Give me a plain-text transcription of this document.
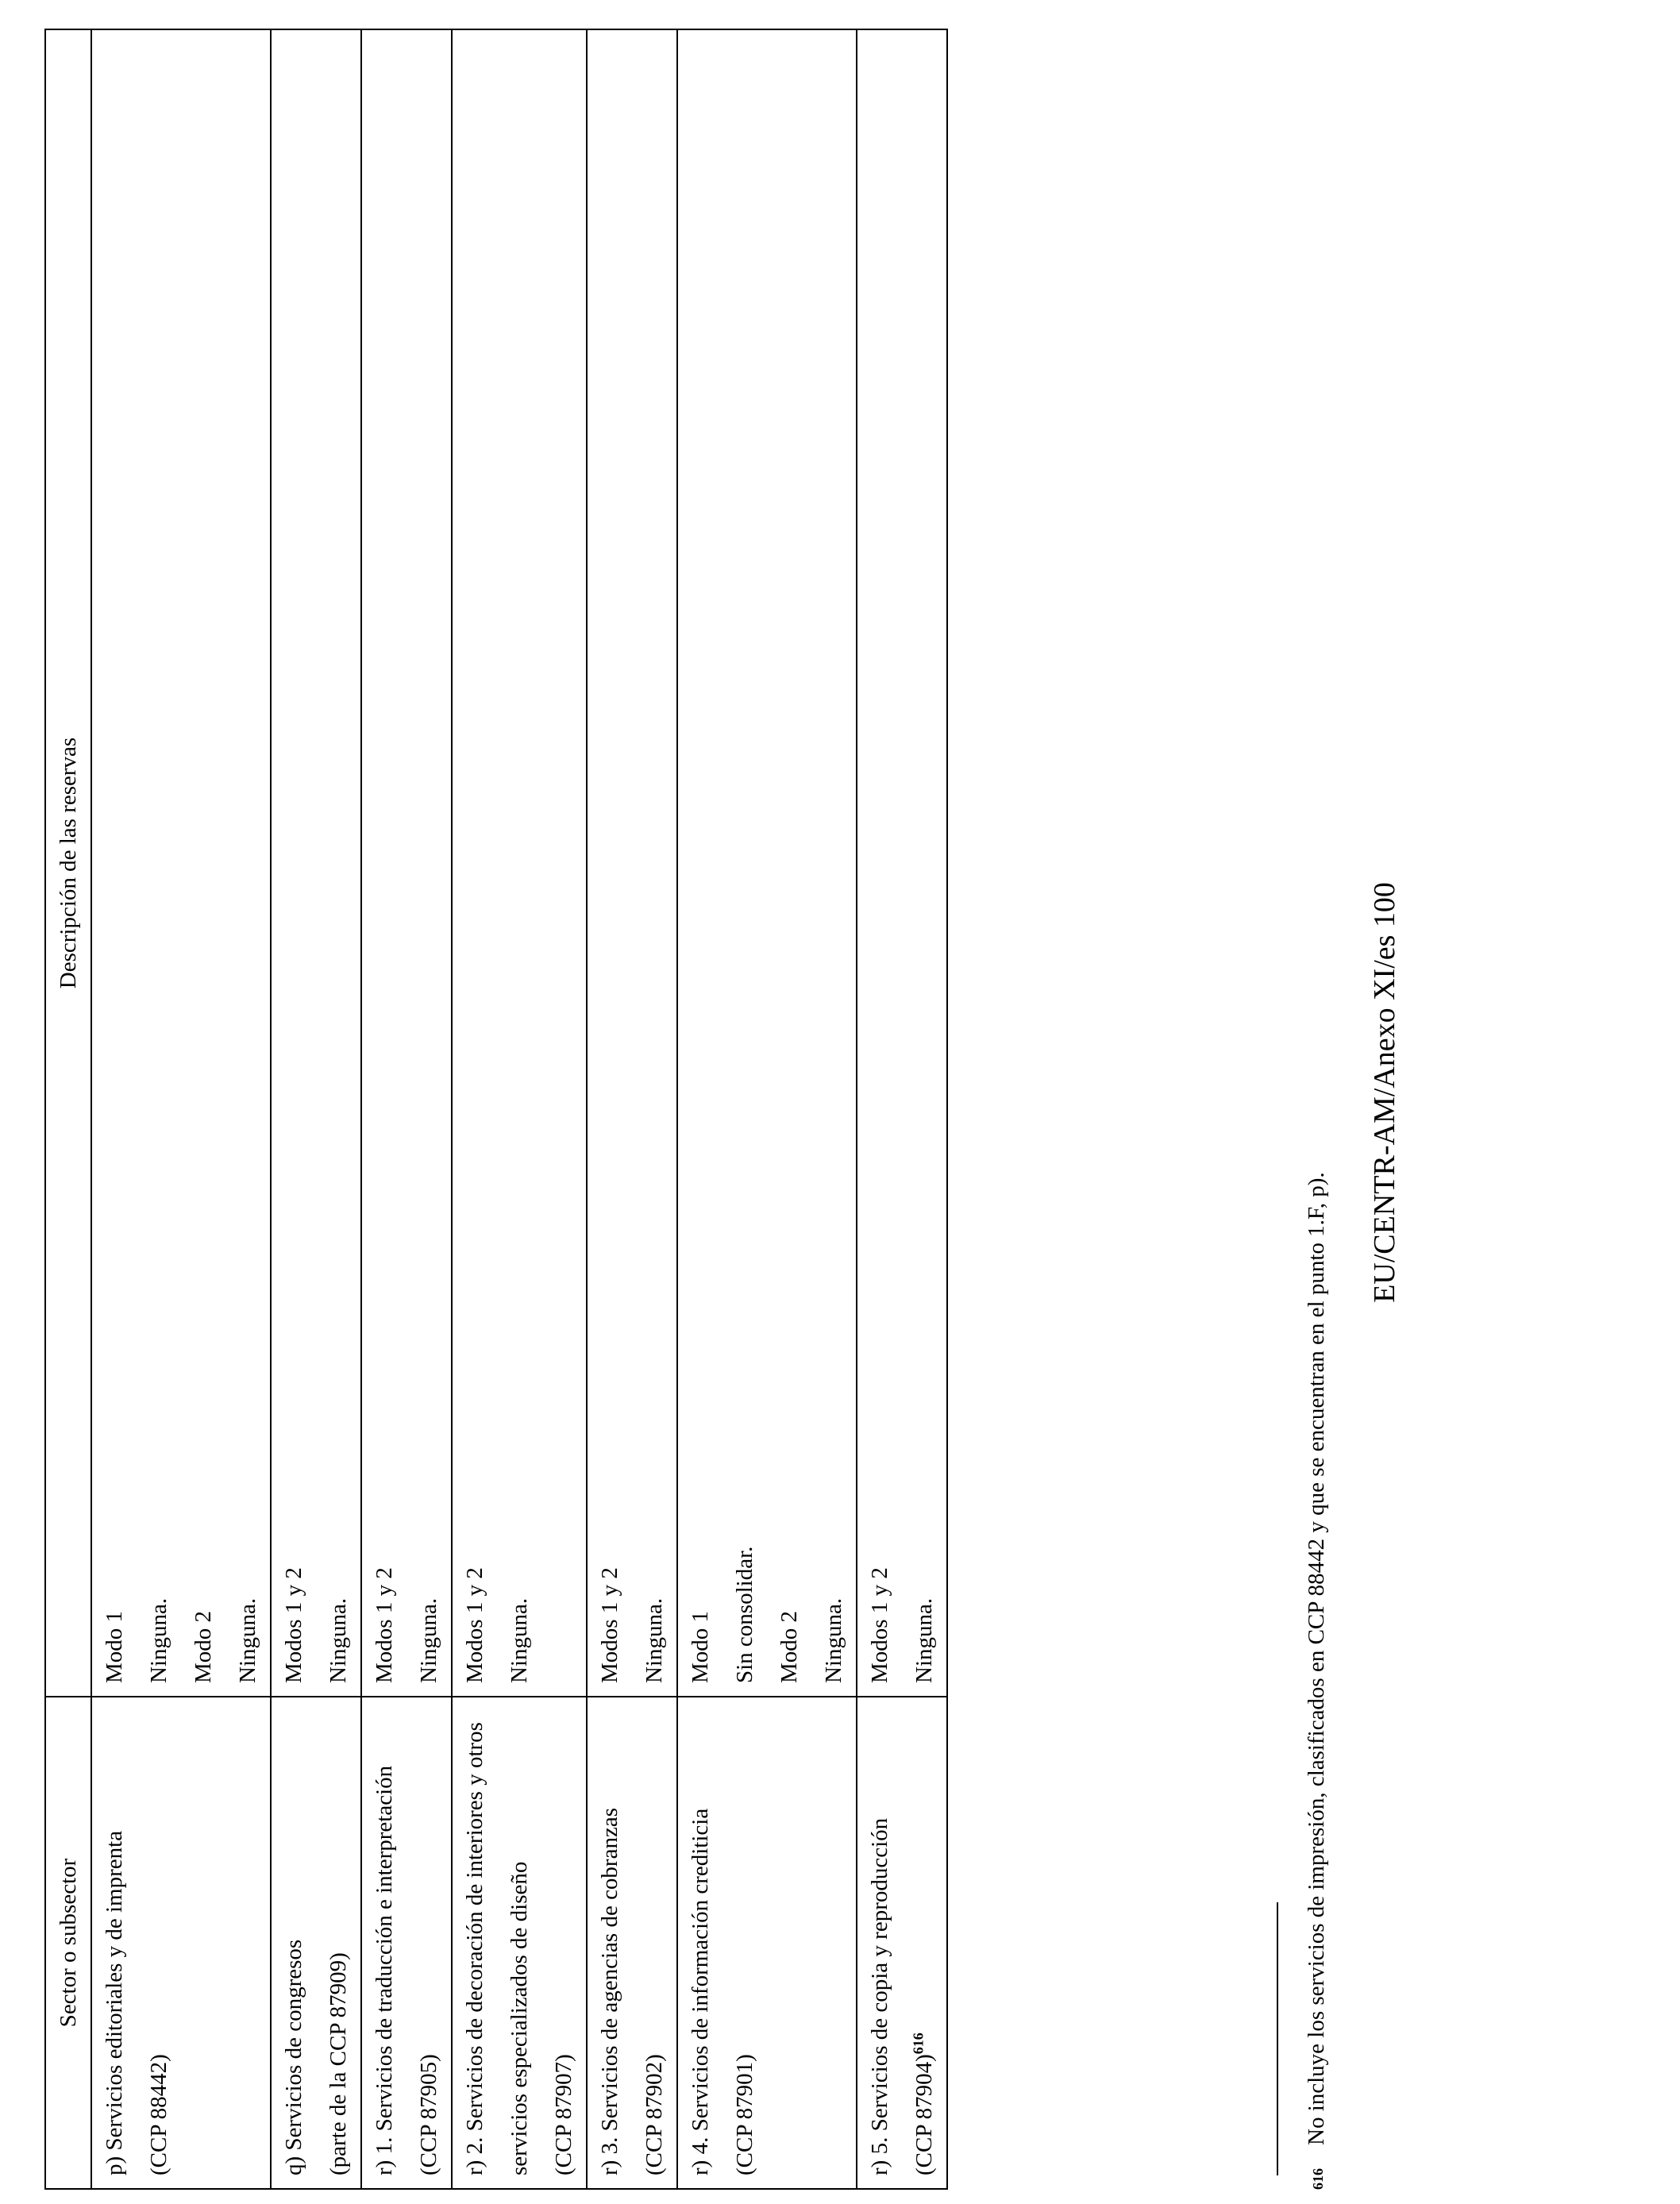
Sector o subsector	Descripción de las reservas

p) Servicios editoriales y de imprenta (CCP 88442)	Modo 1 Ninguna. Modo 2 Ninguna.

q) Servicios de congresos (parte de la CCP 87909)	Modos 1 y 2 Ninguna.

r) 1. Servicios de traducción e interpretación (CCP 87905)	Modos 1 y 2 Ninguna.

r) 2. Servicios de decoración de interiores y otros servicios especializados de diseño (CCP 87907)	Modos 1 y 2 Ninguna.

r) 3. Servicios de agencias de cobranzas (CCP 87902)	Modos 1 y 2 Ninguna.

r) 4. Servicios de información crediticia (CCP 87901)	Modo 1 Sin consolidar. Modo 2 Ninguna.

r) 5. Servicios de copia y reproducción (CCP 87904)$^{616}$	Modos 1 y 2 Ninguna.
616No incluye los servicios de impresión, clasificados en CCP 88442 y que se encuentran en el punto 1.F, p).
EU/CENTR-AM/Anexo XI/es 100
